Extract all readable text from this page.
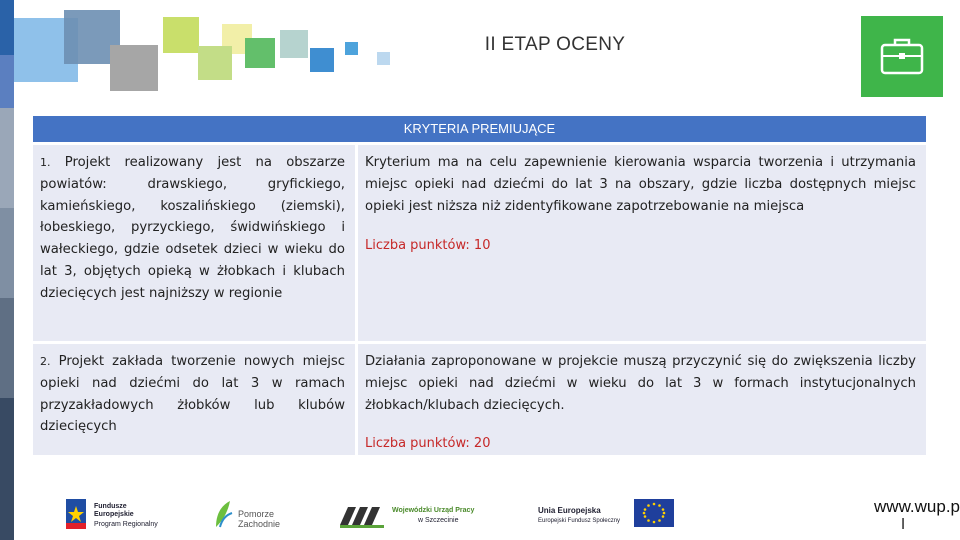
II ETAP OCENY
KRYTERIA PREMIUJĄCE
1. Projekt realizowany jest na obszarze powiatów: drawskiego, gryfickiego, kamieńskiego, koszalińskiego (ziemski), łobeskiego, pyrzyckiego, świdwińskiego i wałeckiego, gdzie odsetek dzieci w wieku do lat 3, objętych opieką w żłobkach i klubach dziecięcych jest najniższy w regionie
Kryterium ma na celu zapewnienie kierowania wsparcia tworzenia i utrzymania miejsc opieki nad dziećmi do lat 3 na obszary, gdzie liczba dostępnych miejsc opieki jest niższa niż zidentyfikowane zapotrzebowanie na miejsca
Liczba punktów: 10
2. Projekt zakłada tworzenie nowych miejsc opieki nad dziećmi do lat 3 w ramach przyzakładowych żłobków lub klubów dziecięcych
Działania zaproponowane w projekcie muszą przyczynić się do zwiększenia liczby miejsc opieki nad dziećmi w wieku do lat 3 w formach instytucjonalnych żłobkach/klubach dziecięcych.
Liczba punktów: 20
Fundusze
Europejskie
Program Regionalny
Pomorze
Zachodnie
Wojewódzki Urząd Pracy
w Szczecinie
Unia Europejska
Europejski Fundusz Społeczny
www.wup.p
l
